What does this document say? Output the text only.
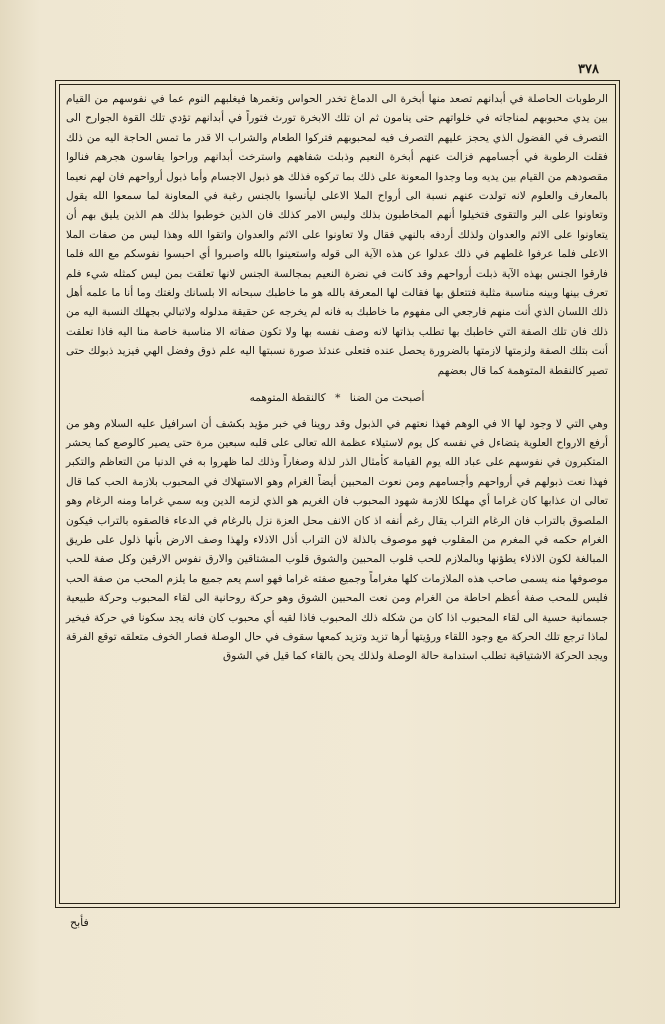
٣٧٨

الرطوبات الحاصلة في أبدانهم تصعد منها أبخرة الى الدماغ تخدر الحواس وتغمرها فيغلبهم النوم عما في نفوسهم من القيام بين يدي محبوبهم لمناجاته في خلواتهم حتى ينامون ثم ان تلك الابخرة تورث فتوراً في أبدانهم تؤدي تلك القوة الجوارح الى التصرف في الفضول الذي يحجز عليهم التصرف فيه لمحبوبهم فتركوا الطعام والشراب الا قدر ما تمس الحاجة اليه من ذلك فقلت الرطوبة في أجسامهم فزالت عنهم أبخرة النعيم وذبلت شفاههم واسترخت أبدانهم وراحوا يقاسون هجرهم فنالوا مقصودهم من القيام بين يديه وما وجدوا المعونة على ذلك بما تركوه فذلك هو ذبول الاجسام وأما ذبول أرواحهم فان لهم نعيما بالمعارف والعلوم لانه تولدت عنهم نسبة الى أرواح الملا الاعلى ليأنسوا بالجنس رغبة في المعاونة لما سمعوا الله يقول وتعاونوا على البر والتقوى فتخيلوا أنهم المخاطبون بذلك وليس الامر كذلك فان الذين خوطبوا بذلك هم الذين يليق بهم أن يتعاونوا على الاثم والعدوان ولذلك أردفه بالنهي فقال ولا تعاونوا على الاثم والعدوان واتقوا الله وهذا ليس من صفات الملا الاعلى فلما عرفوا غلطهم في ذلك عدلوا عن هذه الآية الى قوله واستعينوا بالله واصبروا أي احبسوا نفوسكم مع الله فلما فارقوا الجنس بهذه الآية ذبلت أرواحهم وقد كانت في نضرة النعيم بمجالسة الجنس لانها تعلقت بمن ليس كمثله شيء فلم تعرف بينها وبينه مناسبة مثلية فتتعلق بها فقالت لها المعرفة بالله هو ما خاطبك سبحانه الا بلسانك ولغتك وما أنا ما علمه أهل ذلك اللسان الذي أنت منهم فارجعي الى مفهوم ما خاطبك به فانه لم يخرجه عن حقيقة مدلوله ولاتبالي بجهلك النسبة اليه من ذلك فان تلك الصفة التي خاطبك بها تطلب بذاتها لانه وصف نفسه بها ولا تكون صفاته الا مناسبة خاصة منا اليه فاذا تعلقت أنت بتلك الصفة ولزمتها لازمتها بالضرورة يحصل عنده فتعلى عندئذ صورة نسبتها اليه علم ذوق وفضل الهي فيزيد ذبولك حتى تصير كالنقطة المتوهمة كما قال بعضهم

أصبحت من الضنا * كالنقطة المتوهمه

وهي التي لا وجود لها الا في الوهم فهذا نعتهم في الذبول وقد روينا في خبر مؤيد بكشف أن اسرافيل عليه السلام وهو من أرفع الارواح العلوية يتضاءل في نفسه كل يوم لاستيلاء عظمة الله تعالى على قلبه سبعين مرة حتى يصير كالوصع كما يحشر المتكبرون في نفوسهم على عباد الله يوم القيامة كأمثال الذر لذلة وصغاراً وذلك لما ظهروا به في الدنيا من التعاظم والتكبر فهذا نعت ذبولهم في أرواحهم وأجسامهم ومن نعوت المحبين أيضاً الغرام وهو الاستهلاك في المحبوب بلازمة الحب كما قال تعالى ان عذابها كان غراما أي مهلكا للازمة شهود المحبوب فان الغريم هو الذي لزمه الدين وبه سمي غراما ومنه الرغام وهو الملصوق بالتراب فان الرغام التراب يقال رغم أنفه اذ كان الانف محل العزة نزل بالرغام في الدعاء فالصقوه بالتراب فيكون الغرام حكمه في المغرم من المقلوب فهو موصوف بالذلة لان التراب أذل الاذلاء ولهذا وصف الارض بأنها ذلول على طريق المبالغة لكون الاذلاء يطؤنها وبالملازم للحب قلوب المحبين والشوق قلوب المشتاقين والارق نفوس الارقين وكل صفة للحب موصوفها منه يسمى صاحب هذه الملازمات كلها مغراماً وجميع صفته غراما فهو اسم يعم جميع ما يلزم المحب من صفة الحب فليس للمحب صفة أعظم احاطة من الغرام ومن نعت المحبين الشوق وهو حركة روحانية الى لقاء المحبوب وحركة طبيعية جسمانية حسية الى لقاء المحبوب اذا كان من شكله ذلك المحبوب فاذا لقيه أي محبوب كان فانه يجد سكونا في حركة فيخير لماذا ترجع تلك الحركة مع وجود اللقاء ورؤيتها أرها تزيد وتزيد كمعها سقوف في حال الوصلة فصار الخوف متعلقه توقع الفرقة ويجد الحركة الاشتياقية تطلب استدامة حالة الوصلة ولذلك يحن بالقاء كما قيل في الشوق

فأبح
